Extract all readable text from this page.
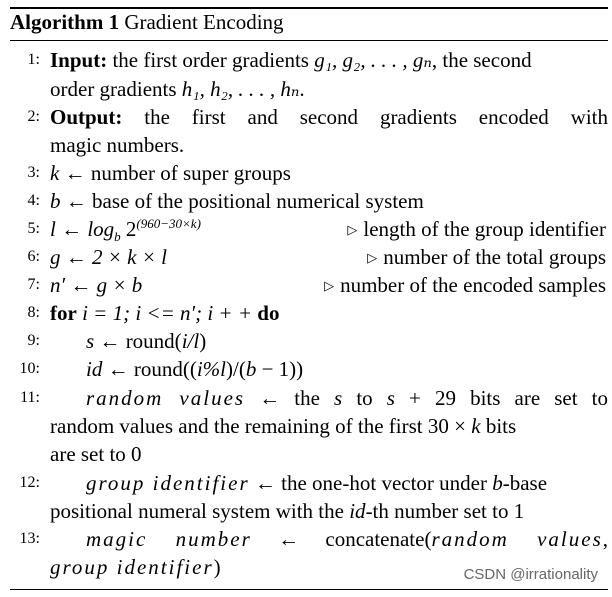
Algorithm 1 Gradient Encoding
1: Input: the first order gradients g₁, g₂, . . . , gₙ, the second
order gradients h₁, h₂, . . . , hₙ.
2: Output: the first and second gradients encoded with
magic numbers.
3: k ← number of super groups
4: b ← base of the positional numerical system
5: l ← $\log_b 2^{(960-30\times k)}$	▷ length of the group identifier
6: g ← 2 × k × l	▷ number of the total groups
7: n′ ← g × b	▷ number of the encoded samples
8: for i = 1; i <= n′; i + + do
9: s ← round(i/l)
10: id ← round((i%l)/(b − 1))
11: random values ← the s to s + 29 bits are set to
random values and the remaining of the first 30 × k bits
are set to 0
12: group identifier ← the one-hot vector under b-base
positional numeral system with the id-th number set to 1
13: magic number ← concatenate(random values,
group identifier)	CSDN @irrationality
